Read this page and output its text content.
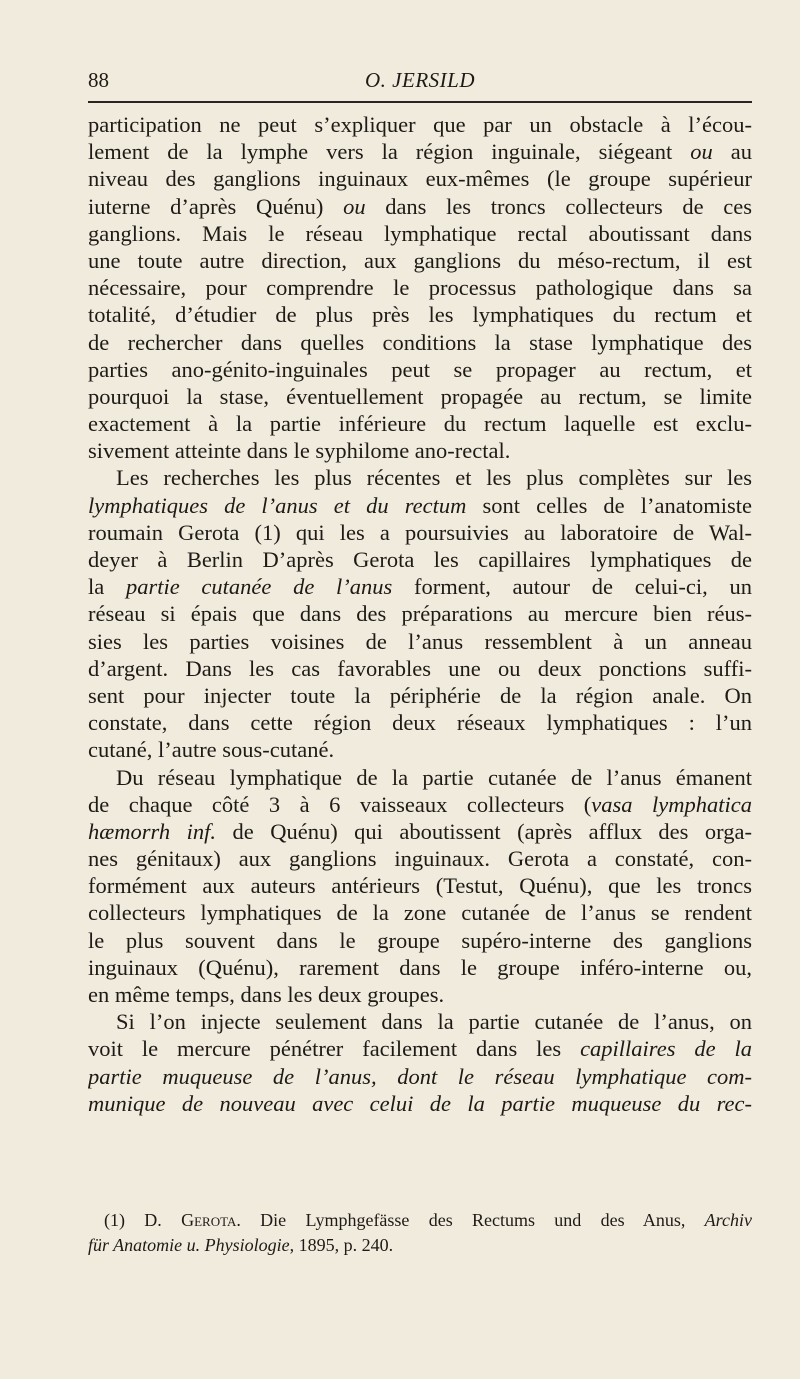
88	O. JERSILD
participation ne peut s’expliquer que par un obstacle à l’écou-
lement de la lymphe vers la région inguinale, siégeant ou au
niveau des ganglions inguinaux eux-mêmes (le groupe supérieur
iuterne d’après Quénu) ou dans les troncs collecteurs de ces
ganglions. Mais le réseau lymphatique rectal aboutissant dans
une toute autre direction, aux ganglions du méso-rectum, il est
nécessaire, pour comprendre le processus pathologique dans sa
totalité, d’étudier de plus près les lymphatiques du rectum et
de rechercher dans quelles conditions la stase lymphatique des
parties ano-génito-inguinales peut se propager au rectum, et
pourquoi la stase, éventuellement propagée au rectum, se limite
exactement à la partie inférieure du rectum laquelle est exclu-
sivement atteinte dans le syphilome ano-rectal.
Les recherches les plus récentes et les plus complètes sur les
lymphatiques de l’anus et du rectum sont celles de l’anatomiste
roumain Gerota (1) qui les a poursuivies au laboratoire de Wal-
deyer à Berlin D’après Gerota les capillaires lymphatiques de
la partie cutanée de l’anus forment, autour de celui-ci, un
réseau si épais que dans des préparations au mercure bien réus-
sies les parties voisines de l’anus ressemblent à un anneau
d’argent. Dans les cas favorables une ou deux ponctions suffi-
sent pour injecter toute la périphérie de la région anale. On
constate, dans cette région deux réseaux lymphatiques : l’un
cutané, l’autre sous-cutané.
Du réseau lymphatique de la partie cutanée de l’anus émanent
de chaque côté 3 à 6 vaisseaux collecteurs (vasa lymphatica
hæmorrh inf. de Quénu) qui aboutissent (après afflux des orga-
nes génitaux) aux ganglions inguinaux. Gerota a constaté, con-
formément aux auteurs antérieurs (Testut, Quénu), que les troncs
collecteurs lymphatiques de la zone cutanée de l’anus se rendent
le plus souvent dans le groupe supéro-interne des ganglions
inguinaux (Quénu), rarement dans le groupe inféro-interne ou,
en même temps, dans les deux groupes.
Si l’on injecte seulement dans la partie cutanée de l’anus, on
voit le mercure pénétrer facilement dans les capillaires de la
partie muqueuse de l’anus, dont le réseau lymphatique com-
munique de nouveau avec celui de la partie muqueuse du rec-
(1) D. Gerota. Die Lymphgefässe des Rectums und des Anus, Archiv
für Anatomie u. Physiologie, 1895, p. 240.
